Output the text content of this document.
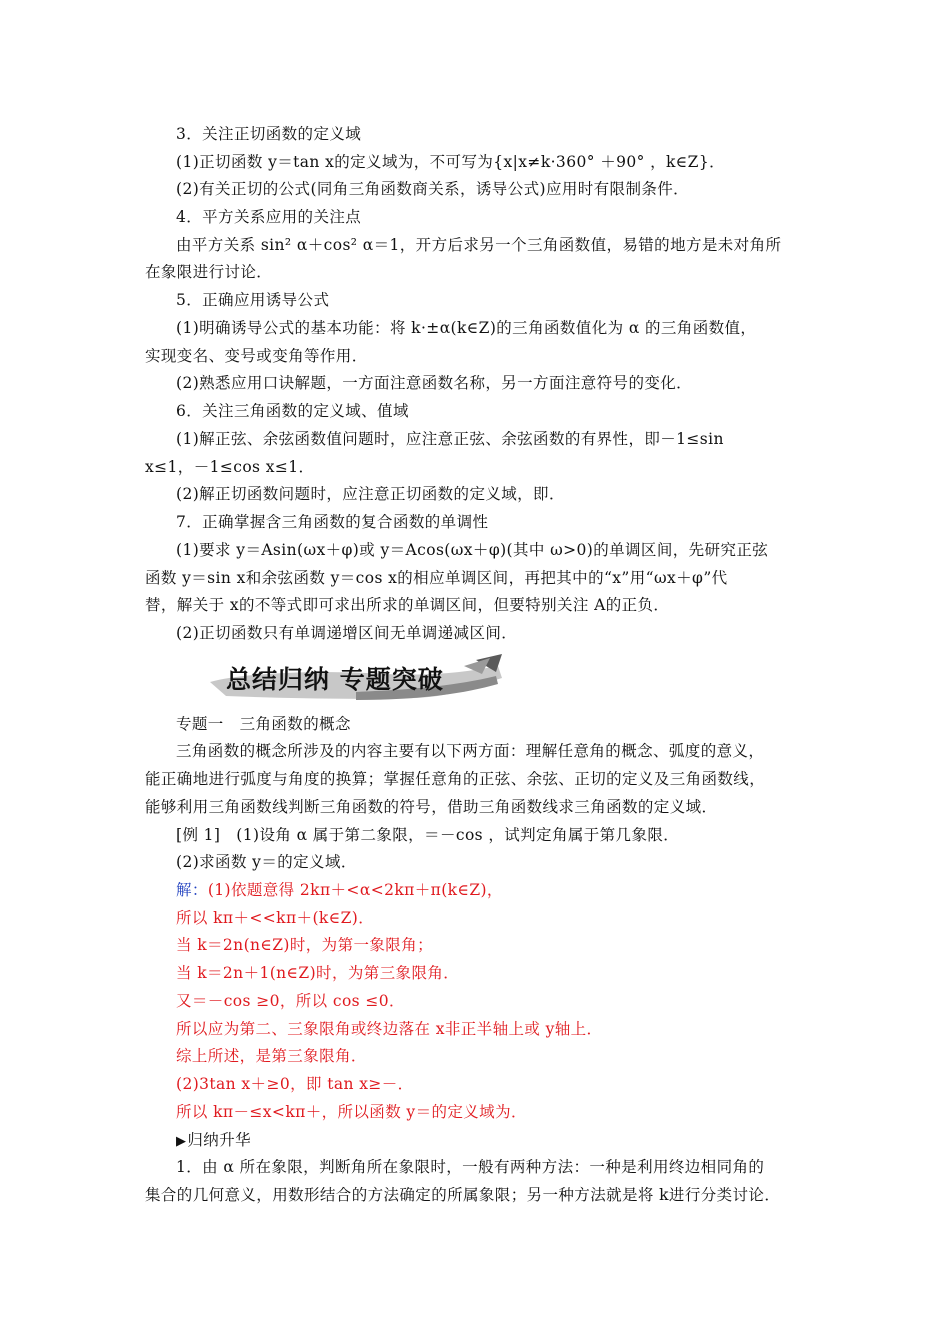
3．关注正切函数的定义域
(1)正切函数 y＝tan x的定义域为，不可写为{x|x≠k·360° ＋90° ，k∈Z}．
(2)有关正切的公式(同角三角函数商关系，诱导公式)应用时有限制条件．
4．平方关系应用的关注点
由平方关系 sin² α＋cos² α＝1，开方后求另一个三角函数值，易错的地方是未对角所
在象限进行讨论．
5．正确应用诱导公式
(1)明确诱导公式的基本功能：将 k·±α(k∈Z)的三角函数值化为 α 的三角函数值，
实现变名、变号或变角等作用．
(2)熟悉应用口诀解题，一方面注意函数名称，另一方面注意符号的变化．
6．关注三角函数的定义域、值域
(1)解正弦、余弦函数值问题时，应注意正弦、余弦函数的有界性，即－1≤sin
x≤1，－1≤cos x≤1．
(2)解正切函数问题时，应注意正切函数的定义域，即．
7．正确掌握含三角函数的复合函数的单调性
(1)要求 y＝Asin(ωx＋φ)或 y＝Acos(ωx＋φ)(其中 ω>0)的单调区间，先研究正弦
函数 y＝sin x和余弦函数 y＝cos x的相应单调区间，再把其中的“x”用“ωx＋φ”代
替，解关于 x的不等式即可求出所求的单调区间，但要特别关注 A的正负．
(2)正切函数只有单调递增区间无单调递减区间．
总结归纳 专题突破
专题一　三角函数的概念
三角函数的概念所涉及的内容主要有以下两方面：理解任意角的概念、弧度的意义，
能正确地进行弧度与角度的换算；掌握任意角的正弦、余弦、正切的定义及三角函数线，
能够利用三角函数线判断三角函数的符号，借助三角函数线求三角函数的定义域．
[例 1]　(1)设角 α 属于第二象限，＝－cos ，试判定角属于第几象限．
(2)求函数 y＝的定义域．
解：(1)依题意得 2kπ＋<α<2kπ＋π(k∈Z)，
所以 kπ＋<<kπ＋(k∈Z)．
当 k＝2n(n∈Z)时，为第一象限角；
当 k＝2n＋1(n∈Z)时，为第三象限角．
又＝－cos ≥0，所以 cos ≤0．
所以应为第二、三象限角或终边落在 x非正半轴上或 y轴上．
综上所述，是第三象限角．
(2)3tan x＋≥0，即 tan x≥－．
所以 kπ－≤x<kπ＋，所以函数 y＝的定义域为．
▶归纳升华
1．由 α 所在象限，判断角所在象限时，一般有两种方法：一种是利用终边相同角的
集合的几何意义，用数形结合的方法确定的所属象限；另一种方法就是将 k进行分类讨论．
